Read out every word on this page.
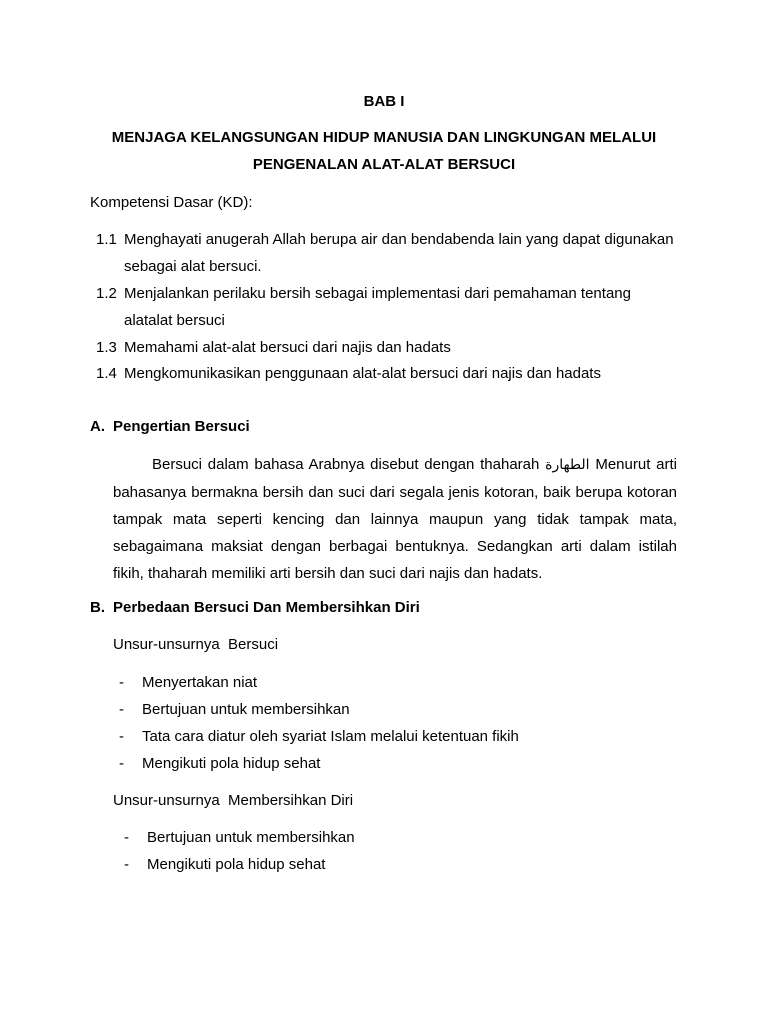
BAB I
MENJAGA KELANGSUNGAN HIDUP MANUSIA DAN LINGKUNGAN MELALUI
PENGENALAN ALAT-ALAT BERSUCI
Kompetensi Dasar (KD):
1.1 Menghayati anugerah Allah berupa air dan bendabenda lain yang dapat digunakan
sebagai alat bersuci.
1.2 Menjalankan perilaku bersih sebagai implementasi dari pemahaman tentang
alatalat bersuci
1.3 Memahami alat-alat bersuci dari najis dan hadats
1.4 Mengkomunikasikan penggunaan alat-alat bersuci dari najis dan hadats
A. Pengertian Bersuci
Bersuci dalam bahasa Arabnya disebut dengan thaharah الطهارة Menurut arti bahasanya bermakna bersih dan suci dari segala jenis kotoran, baik berupa kotoran tampak mata seperti kencing dan lainnya maupun yang tidak tampak mata, sebagaimana maksiat dengan berbagai bentuknya. Sedangkan arti dalam istilah fikih, thaharah memiliki arti bersih dan suci dari najis dan hadats.
B. Perbedaan Bersuci Dan Membersihkan Diri
Unsur-unsurnya  Bersuci
- Menyertakan niat
- Bertujuan untuk membersihkan
- Tata cara diatur oleh syariat Islam melalui ketentuan fikih
- Mengikuti pola hidup sehat
Unsur-unsurnya  Membersihkan Diri
- Bertujuan untuk membersihkan
- Mengikuti pola hidup sehat
